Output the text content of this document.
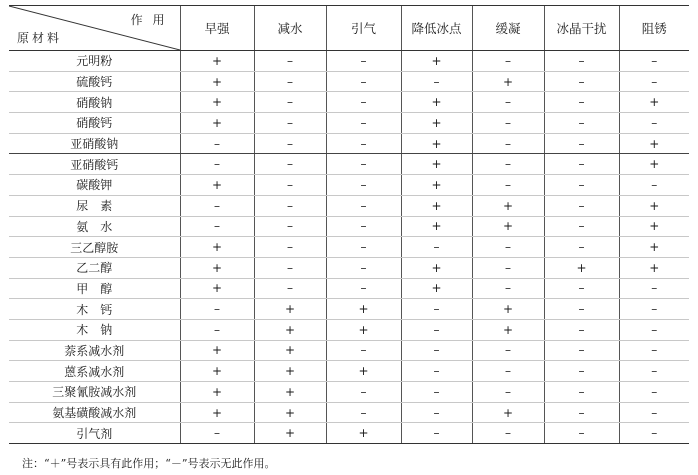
作 用
原材料	早强	减水	引气	降低冰点	缓凝	冰晶干扰	阻锈
元明粉	+	–	–	+	–	–	–
硫酸钙	+	–	–	–	+	–	–
硝酸钠	+	–	–	+	–	–	+
硝酸钙	+	–	–	+	–	–	–
亚硝酸钠	–	–	–	+	–	–	+
亚硝酸钙	–	–	–	+	–	–	+
碳酸钾	+	–	–	+	–	–	–
尿　素	–	–	–	+	+	–	+
氨　水	–	–	–	+	+	–	+
三乙醇胺	+	–	–	–	–	–	+
乙二醇	+	–	–	+	–	+	+
甲　醇	+	–	–	+	–	–	–
木　钙	–	+	+	–	+	–	–
木　钠	–	+	+	–	+	–	–
萘系减水剂	+	+	–	–	–	–	–
蒽系减水剂	+	+	+	–	–	–	–
三聚氰胺减水剂	+	+	–	–	–	–	–
氨基磺酸减水剂	+	+	–	–	+	–	–
引气剂	–	+	+	–	–	–	–
注：“＋”号表示具有此作用；“－”号表示无此作用。
